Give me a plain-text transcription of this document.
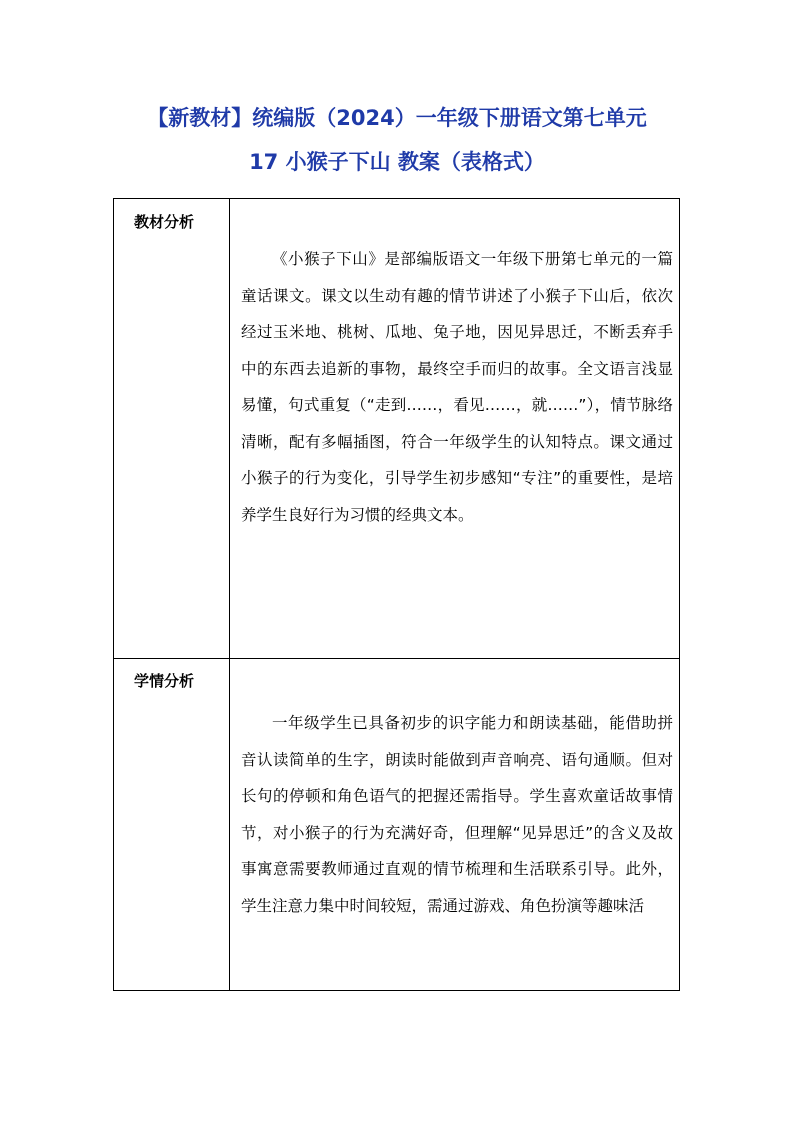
【新教材】统编版（2024）一年级下册语文第七单元
17 小猴子下山 教案（表格式）
教材分析

《小猴子下山》是部编版语文一年级下册第七单元的一篇童话课文。课文以生动有趣的情节讲述了小猴子下山后，依次经过玉米地、桃树、瓜地、兔子地，因见异思迁，不断丢弃手中的东西去追新的事物，最终空手而归的故事。全文语言浅显易懂，句式重复（“走到……，看见……，就……”），情节脉络清晰，配有多幅插图，符合一年级学生的认知特点。课文通过小猴子的行为变化，引导学生初步感知“专注”的重要性，是培养学生良好行为习惯的经典文本。

学情分析

一年级学生已具备初步的识字能力和朗读基础，能借助拼音认读简单的生字，朗读时能做到声音响亮、语句通顺。但对长句的停顿和角色语气的把握还需指导。学生喜欢童话故事情节，对小猴子的行为充满好奇，但理解“见异思迁”的含义及故事寓意需要教师通过直观的情节梳理和生活联系引导。此外，学生注意力集中时间较短，需通过游戏、角色扮演等趣味活
